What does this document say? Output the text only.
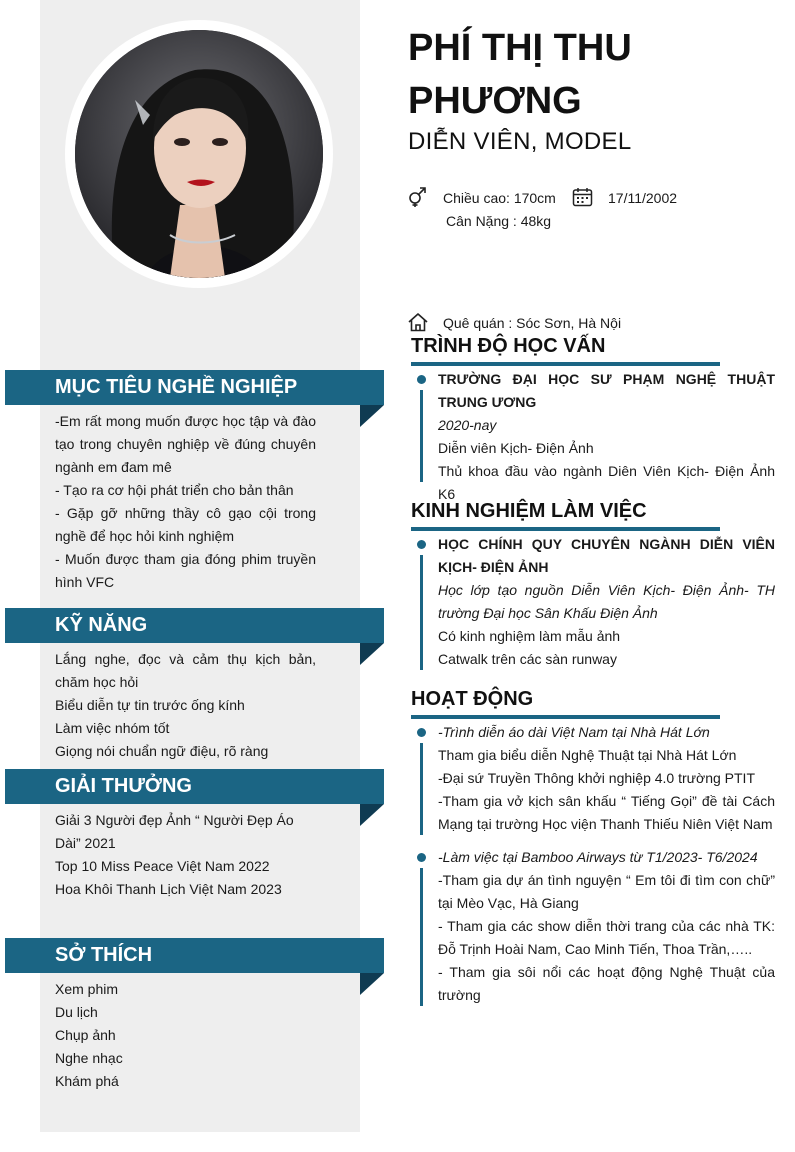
MỤC TIÊU NGHỀ NGHIỆP

-Em rất mong muốn được học tập và đào tạo trong chuyên nghiệp về đúng chuyên ngành em đam mê

- Tạo ra cơ hội phát triển cho bản thân

- Gặp gỡ những thầy cô gạo cội trong nghề để học hỏi kinh nghiệm

- Muốn được tham gia đóng phim truyền hình VFC

KỸ NĂNG

Lắng nghe, đọc và cảm thụ kịch bản, chăm học hỏi

Biểu diễn tự tin trước ống kính

Làm việc nhóm tốt

Giọng nói chuẩn ngữ điệu, rõ ràng

GIẢI THƯỞNG

Giải 3 Người đẹp Ảnh “ Người Đẹp Áo Dài” 2021

Top 10 Miss Peace Việt Nam 2022

Hoa Khôi Thanh Lịch Việt Nam 2023

SỞ THÍCH

Xem phim

Du lịch

Chụp ảnh

Nghe nhạc

Khám phá

PHÍ THỊ THU PHƯƠNG
DIỄN VIÊN, MODEL
Chiều cao: 170cm	17/11/2002
Cân Nặng : 48kg
Quê quán : Sóc Sơn, Hà Nội
TRÌNH ĐỘ HỌC VẤN

TRƯỜNG ĐẠI HỌC SƯ PHẠM NGHỆ THUẬT TRUNG ƯƠNG

2020-nay

Diễn viên Kịch- Điện Ảnh

Thủ khoa đầu vào ngành Diên Viên Kịch- Điện Ảnh K6

KINH NGHIỆM LÀM VIỆC

HỌC CHÍNH QUY CHUYÊN NGÀNH DIỄN VIÊN KỊCH- ĐIỆN ẢNH

Học lớp tạo nguồn Diễn Viên Kịch- Điện Ảnh- TH trường Đại học Sân Khấu Điện Ảnh

Có kinh nghiệm làm mẫu ảnh

Catwalk trên các sàn runway

HOẠT ĐỘNG

-Trình diễn áo dài Việt Nam tại Nhà Hát Lớn

Tham gia biểu diễn Nghệ Thuật tại Nhà Hát Lớn

-Đại sứ Truyền Thông khởi nghiệp 4.0 trường PTIT

-Tham gia vở kịch sân khấu “ Tiếng Gọi” đề tài Cách Mạng tại trường Học viện Thanh Thiếu Niên Việt Nam

-Làm việc tại Bamboo Airways từ T1/2023- T6/2024

-Tham gia dự án tình nguyện “ Em tôi đi tìm con chữ” tại Mèo Vạc, Hà Giang

- Tham gia các show diễn thời trang của các nhà TK: Đỗ Trịnh Hoài Nam, Cao Minh Tiến, Thoa Trần,…..

- Tham gia sôi nổi các hoạt động Nghệ Thuật của trường
